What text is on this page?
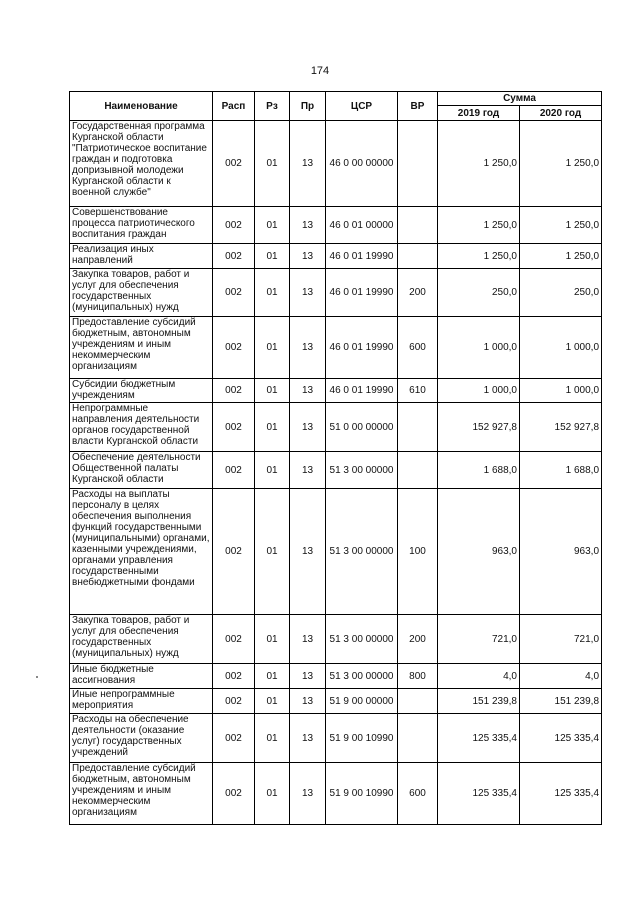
174
Наименование	Расп	Рз	Пр	ЦСР	ВР	Сумма	
						2019 год	2020 год
Государственная программа Курганской области "Патриотическое воспитание граждан и подготовка допризывной молодежи Курганской области к военной службе"	002	01	13	46 0 00 00000		1 250,0	1 250,0
Совершенствование процесса патриотического воспитания граждан	002	01	13	46 0 01 00000		1 250,0	1 250,0
Реализация иных направлений	002	01	13	46 0 01 19990		1 250,0	1 250,0
Закупка товаров, работ и услуг для обеспечения государственных (муниципальных) нужд	002	01	13	46 0 01 19990	200	250,0	250,0
Предоставление субсидий бюджетным, автономным учреждениям и иным некоммерческим организациям	002	01	13	46 0 01 19990	600	1 000,0	1 000,0
Субсидии бюджетным учреждениям	002	01	13	46 0 01 19990	610	1 000,0	1 000,0
Непрограммные направления деятельности органов государственной власти Курганской области	002	01	13	51 0 00 00000		152 927,8	152 927,8
Обеспечение деятельности Общественной палаты Курганской области	002	01	13	51 3 00 00000		1 688,0	1 688,0
Расходы на выплаты персоналу в целях обеспечения выполнения функций государственными (муниципальными) органами, казенными учреждениями, органами управления государственными внебюджетными фондами	002	01	13	51 3 00 00000	100	963,0	963,0
Закупка товаров, работ и услуг для обеспечения государственных (муниципальных) нужд	002	01	13	51 3 00 00000	200	721,0	721,0
Иные бюджетные ассигнования	002	01	13	51 3 00 00000	800	4,0	4,0
Иные непрограммные мероприятия	002	01	13	51 9 00 00000		151 239,8	151 239,8
Расходы на обеспечение деятельности (оказание услуг) государственных учреждений	002	01	13	51 9 00 10990		125 335,4	125 335,4
Предоставление субсидий бюджетным, автономным учреждениям и иным некоммерческим организациям	002	01	13	51 9 00 10990	600	125 335,4	125 335,4
